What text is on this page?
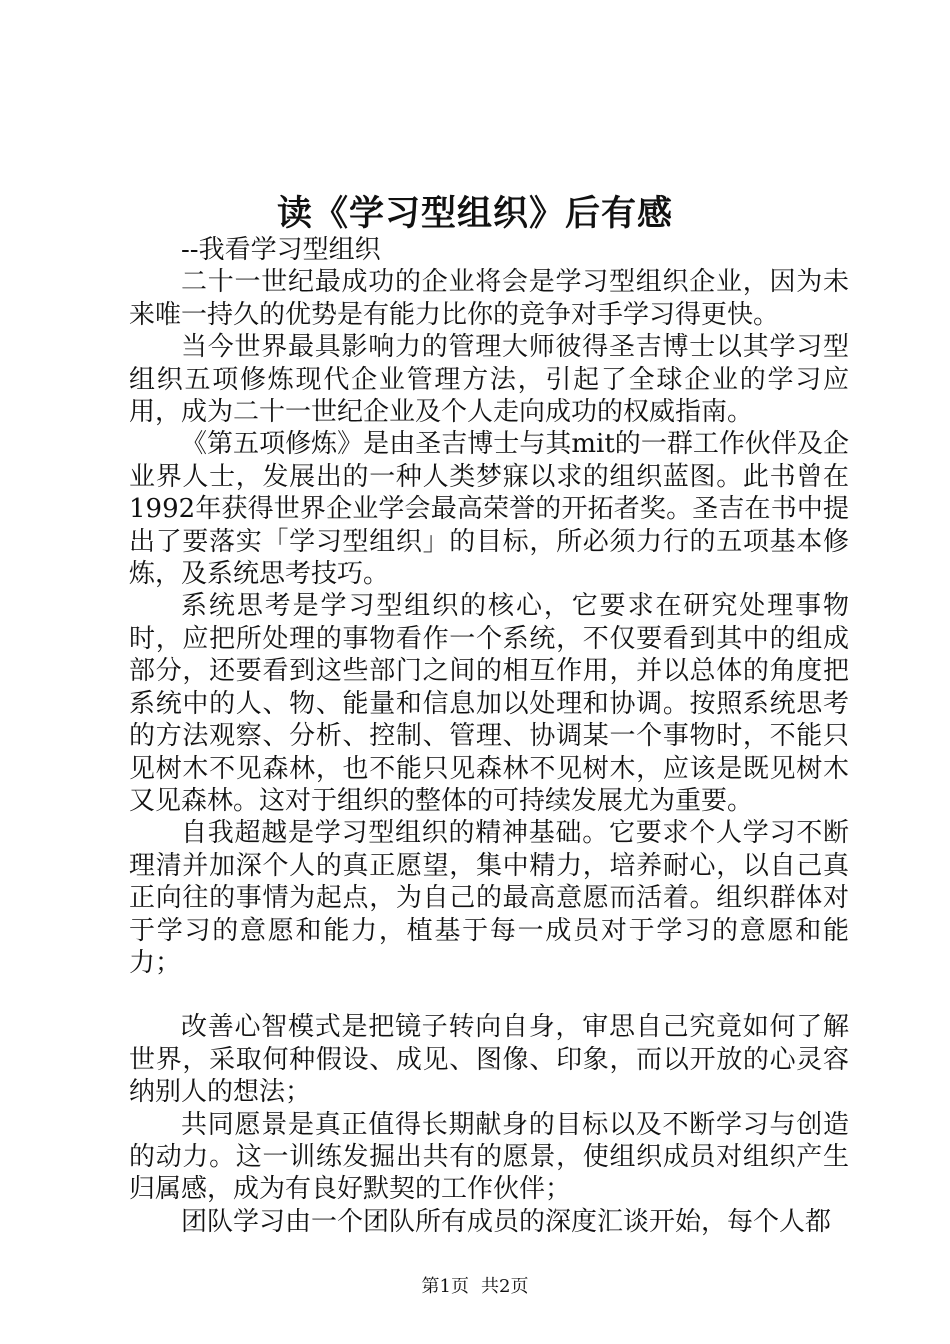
读《学习型组织》后有感

--我看学习型组织

二十一世纪最成功的企业将会是学习型组织企业，因为未来唯一持久的优势是有能力比你的竞争对手学习得更快。

当今世界最具影响力的管理大师彼得圣吉博士以其学习型组织五项修炼现代企业管理方法，引起了全球企业的学习应用，成为二十一世纪企业及个人走向成功的权威指南。

《第五项修炼》是由圣吉博士与其mit的一群工作伙伴及企业界人士，发展出的一种人类梦寐以求的组织蓝图。此书曾在1992年获得世界企业学会最高荣誉的开拓者奖。圣吉在书中提出了要落实「学习型组织」的目标，所必须力行的五项基本修炼，及系统思考技巧。

系统思考是学习型组织的核心，它要求在研究处理事物时，应把所处理的事物看作一个系统，不仅要看到其中的组成部分，还要看到这些部门之间的相互作用，并以总体的角度把系统中的人、物、能量和信息加以处理和协调。按照系统思考的方法观察、分析、控制、管理、协调某一个事物时，不能只见树木不见森林，也不能只见森林不见树木，应该是既见树木又见森林。这对于组织的整体的可持续发展尤为重要。

自我超越是学习型组织的精神基础。它要求个人学习不断理清并加深个人的真正愿望，集中精力，培养耐心，以自己真正向往的事情为起点，为自己的最高意愿而活着。组织群体对于学习的意愿和能力，植基于每一成员对于学习的意愿和能力；

改善心智模式是把镜子转向自身，审思自己究竟如何了解世界，采取何种假设、成见、图像、印象，而以开放的心灵容纳别人的想法；

共同愿景是真正值得长期献身的目标以及不断学习与创造的动力。这一训练发掘出共有的愿景，使组织成员对组织产生归属感，成为有良好默契的工作伙伴；

团队学习由一个团队所有成员的深度汇谈开始，每个人都

第1页 共2页
